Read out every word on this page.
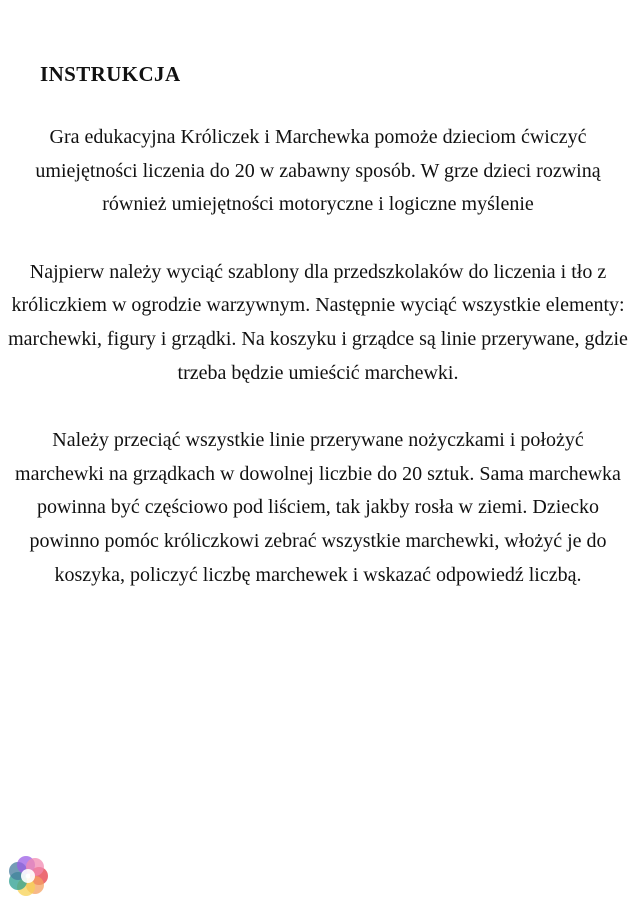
INSTRUKCJA

Gra edukacyjna Króliczek i Marchewka pomoże dzieciom ćwiczyć umiejętności liczenia do 20 w zabawny sposób. W grze dzieci rozwiną również umiejętności motoryczne i logiczne myślenie

Najpierw należy wyciąć szablony dla przedszkolaków do liczenia i tło z króliczkiem w ogrodzie warzywnym. Następnie wyciąć wszystkie elementy: marchewki, figury i grządki. Na koszyku i grządce są linie przerywane, gdzie trzeba będzie umieścić marchewki.

Należy przeciąć wszystkie linie przerywane nożyczkami i położyć marchewki na grządkach w dowolnej liczbie do 20 sztuk. Sama marchewka powinna być częściowo pod liściem, tak jakby rosła w ziemi. Dziecko powinno pomóc króliczkowi zebrać wszystkie marchewki, włożyć je do koszyka, policzyć liczbę marchewek i wskazać odpowiedź liczbą.
